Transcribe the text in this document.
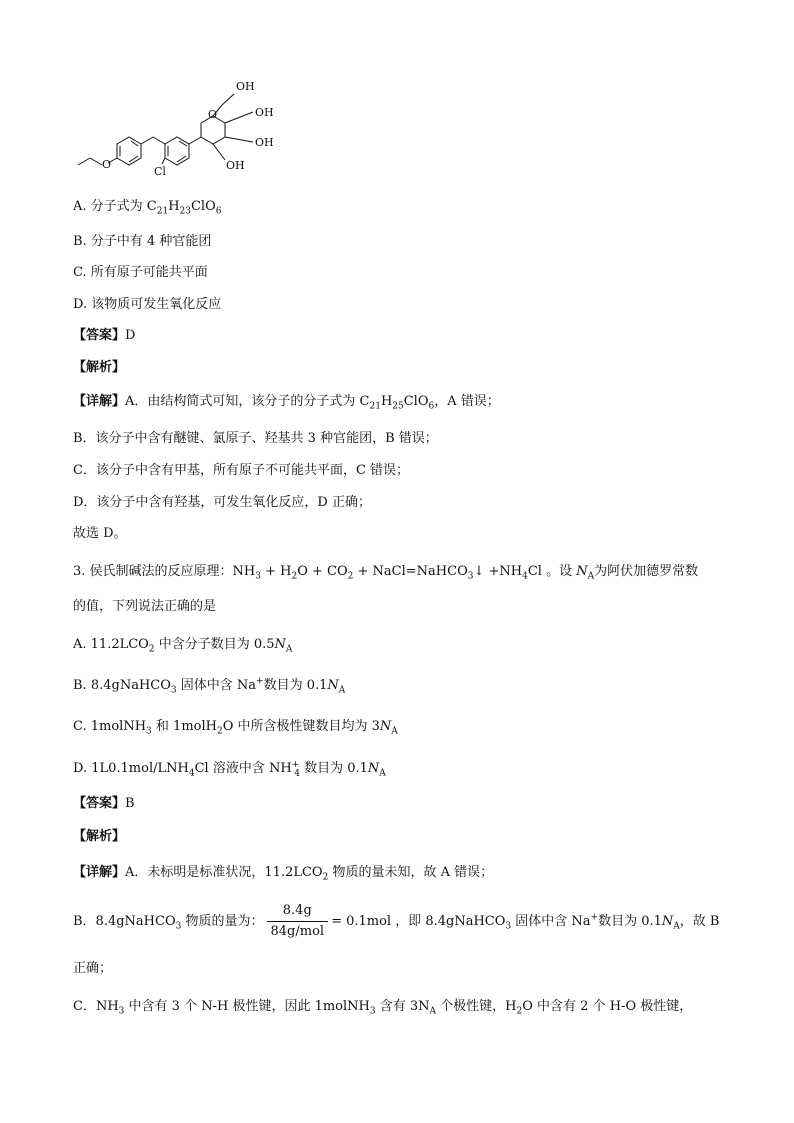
O
O
OH
OH
OH
OH
Cl
A. 分子式为 $C_{21}H_{23}ClO_6$
B. 分子中有 4 种官能团
C. 所有原子可能共平面
D. 该物质可发生氧化反应
【答案】D
【解析】
【详解】A．由结构简式可知，该分子的分子式为 $C_{21}H_{25}ClO_6$，A 错误；
B．该分子中含有醚键、氯原子、羟基共 3 种官能团，B 错误；
C．该分子中含有甲基，所有原子不可能共平面，C 错误；
D．该分子中含有羟基，可发生氧化反应，D 正确；
故选 D。
3. 侯氏制碱法的反应原理：$NH_3 + H_2O + CO_2$ + NaCl=NaHCO$_3$↓ $+NH_4Cl$ 。设 $N_A$为阿伏加德罗常数
的值，下列说法正确的是
A. $11.2LCO_2$ 中含分子数目为 $0.5N_A$
B. 8.4gNaHCO$_3$ 固体中含 Na+数目为 $0.1N_A$
C. 1molNH$_3$ 和 1molH$_2$O 中所含极性键数目均为 $3N_A$
D. $1L0.1mol/LNH_4Cl$ 溶液中含 $NH^+_4$ 数目为 $0.1N_A$
【答案】B
【解析】
【详解】A．未标明是标准状况，$11.2LCO_2$ 物质的量未知，故 A 错误；
B．8.4gNaHCO$_3$ 物质的量为： $\frac{8.4g}{\text{84g/mol}} = 0.1mol$ ，即 8.4gNaHCO$_3$ 固体中含 Na+数目为 $0.1N_A$，故 B
正确；
C．$NH_3$ 中含有 3 个 N-H 极性键，因此 1molNH$_3$ 含有 $3N_A$ 个极性键，$H_2O$ 中含有 2 个 H-O 极性键，
